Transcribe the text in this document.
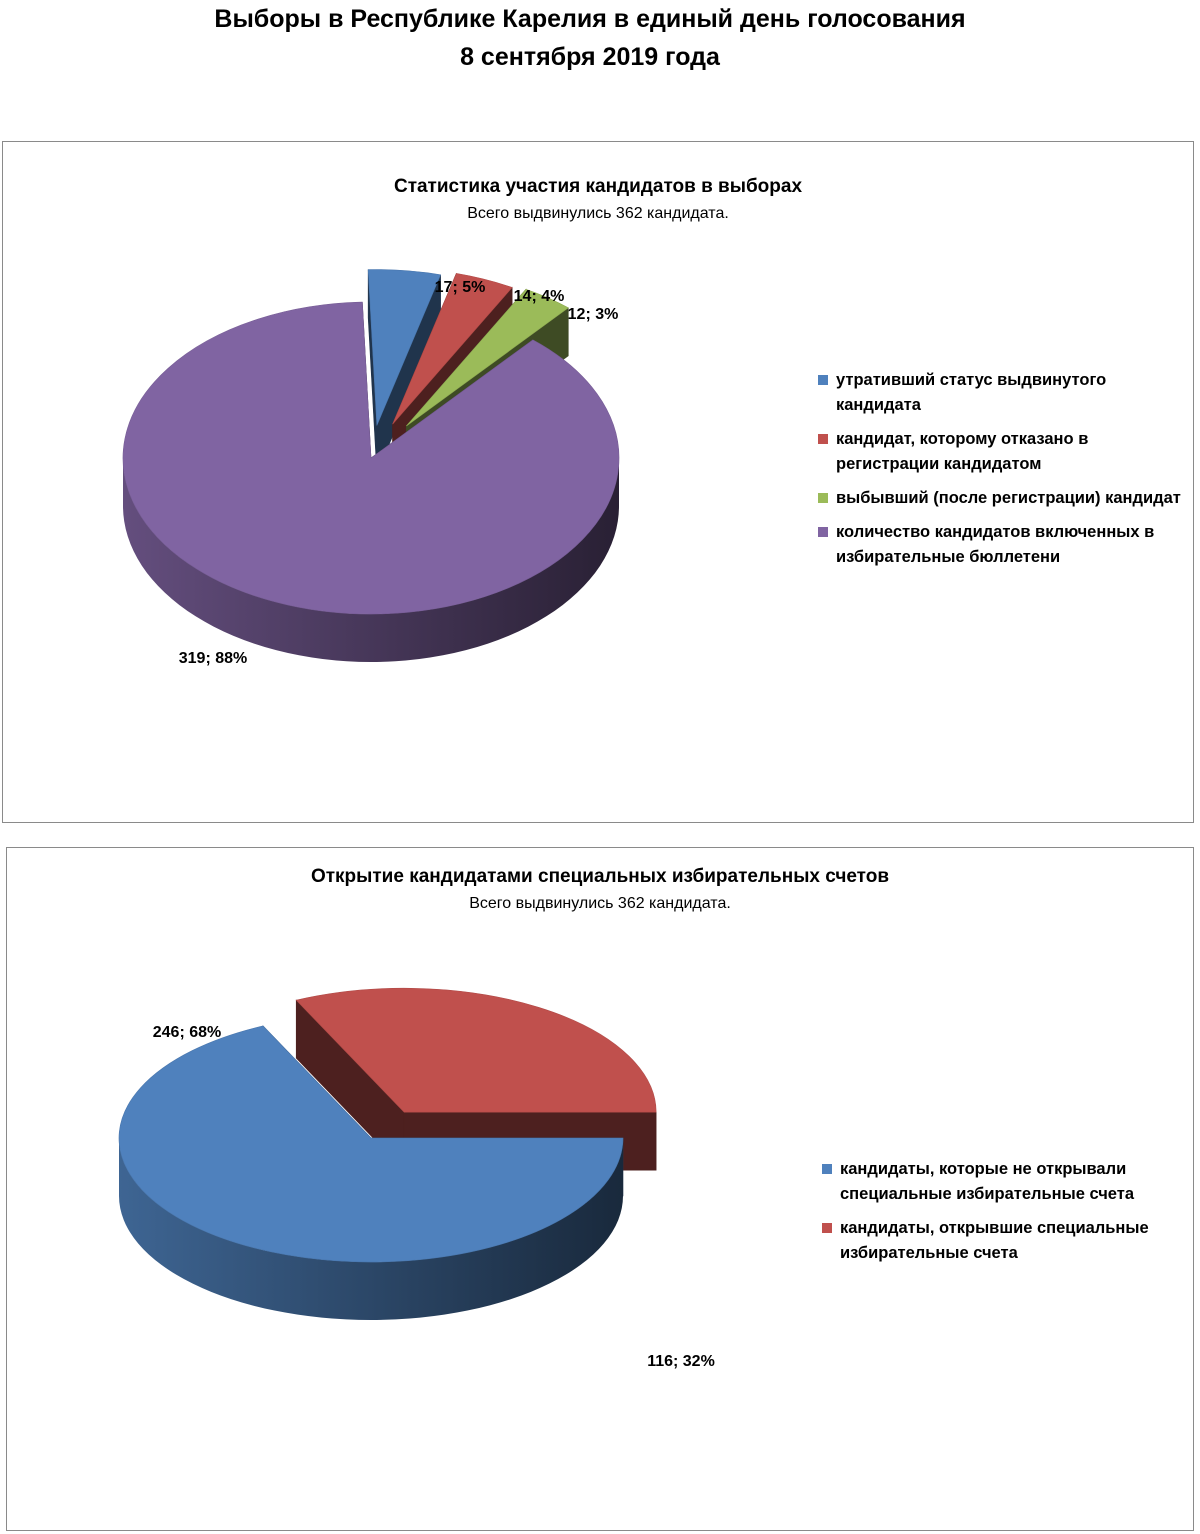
Выборы в Республике Карелия в единый день голосования
8 сентября 2019 года
Статистика участия кандидатов в выборах
Всего выдвинулись 362 кандидата.
17; 5%
14; 4%
12; 3%
319; 88%
утративший статус выдвинутого кандидата
кандидат, которому отказано в регистрации кандидатом
выбывший (после регистрации) кандидат
количество кандидатов включенных в избирательные бюллетени
Открытие кандидатами специальных избирательных счетов
Всего выдвинулись 362 кандидата.
246; 68%
116; 32%
кандидаты, которые не открывали специальные избирательные счета
кандидаты, открывшие специальные избирательные счета
